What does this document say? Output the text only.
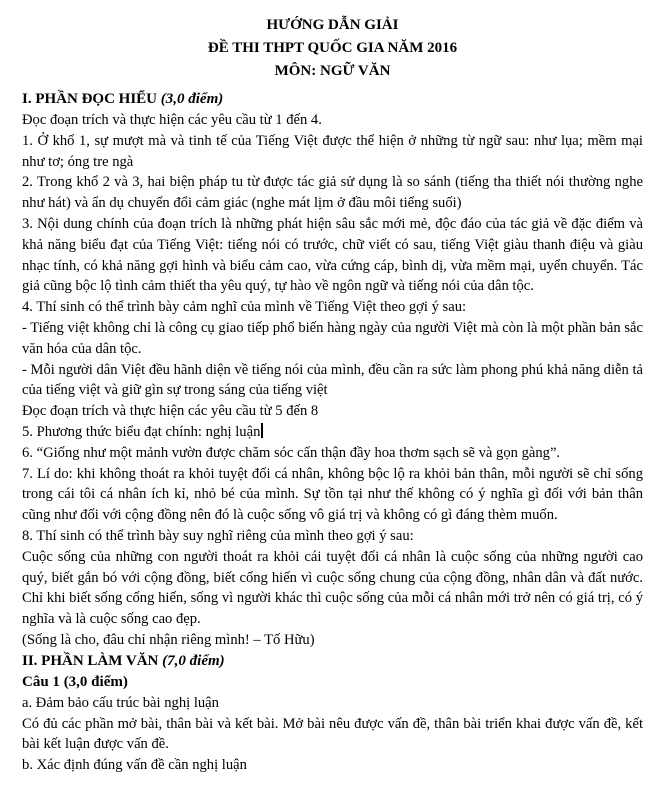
HƯỚNG DẪN GIẢI

ĐỀ THI THPT QUỐC GIA NĂM 2016

MÔN: NGỮ VĂN

I. PHẦN ĐỌC HIỂU (3,0 điểm)

Đọc đoạn trích và thực hiện các yêu cầu từ 1 đến 4.

1. Ở khổ 1, sự mượt mà và tinh tế của Tiếng Việt được thể hiện ở những từ ngữ sau: như lụa; mềm mại như tơ; óng tre ngà

2. Trong khổ 2 và 3, hai biện pháp tu từ được tác giả sử dụng là so sánh (tiếng tha thiết nói thường nghe như hát) và ẩn dụ chuyển đổi cảm giác (nghe mát lịm ở đầu môi tiếng suối)

3. Nội dung chính của đoạn trích là những phát hiện sâu sắc mới mẻ, độc đáo của tác giả về đặc điểm và khả năng biểu đạt của Tiếng Việt: tiếng nói có trước, chữ viết có sau, tiếng Việt giàu thanh điệu và giàu nhạc tính, có khả năng gợi hình và biểu cảm cao, vừa cứng cáp, bình dị, vừa mềm mại, uyển chuyển. Tác giả cũng bộc lộ tình cảm thiết tha yêu quý, tự hào về ngôn ngữ và tiếng nói của dân tộc.

4. Thí sinh có thể trình bày cảm nghĩ của mình về Tiếng Việt theo gợi ý sau:

- Tiếng việt không chỉ là công cụ giao tiếp phổ biến hàng ngày của người Việt mà còn là một phần bản sắc văn hóa của dân tộc.

- Mỗi người dân Việt đều hãnh diện về tiếng nói của mình, đều cần ra sức làm phong phú khả năng diễn tả của tiếng việt và giữ gìn sự trong sáng của tiếng việt

Đọc đoạn trích và thực hiện các yêu cầu từ 5 đến 8

5. Phương thức biểu đạt chính: nghị luận

6. “Giống như một mảnh vườn được chăm sóc cẩn thận đầy hoa thơm sạch sẽ và gọn gàng”.

7. Lí do: khi không thoát ra khỏi tuyệt đối cá nhân, không bộc lộ ra khỏi bản thân, mỗi người sẽ chỉ sống trong cái tôi cá nhân ích kỉ, nhỏ bé của mình. Sự tồn tại như thế không có ý nghĩa gì đối với bản thân cũng như đối với cộng đồng nên đó là cuộc sống vô giá trị và không có gì đáng thèm muốn.

8. Thí sinh có thể trình bày suy nghĩ riêng của mình theo gợi ý sau:

Cuộc sống của những con người thoát ra khỏi cái tuyệt đối cá nhân là cuộc sống của những người cao quý, biết gắn bó với cộng đồng, biết cống hiến vì cuộc sống chung của cộng đồng, nhân dân và đất nước. Chỉ khi biết sống cống hiến, sống vì người khác thì cuộc sống của mỗi cá nhân mới trở nên có giá trị, có ý nghĩa và là cuộc sống cao đẹp.

(Sống là cho, đâu chỉ nhận riêng mình! – Tố Hữu)

II. PHẦN LÀM VĂN (7,0 điểm)

Câu 1 (3,0 điểm)

a. Đảm bảo cấu trúc bài nghị luận

Có đủ các phần mở bài, thân bài và kết bài. Mở bài nêu được vấn đề, thân bài triển khai được vấn đề, kết bài kết luận được vấn đề.

b. Xác định đúng vấn đề cần nghị luận
